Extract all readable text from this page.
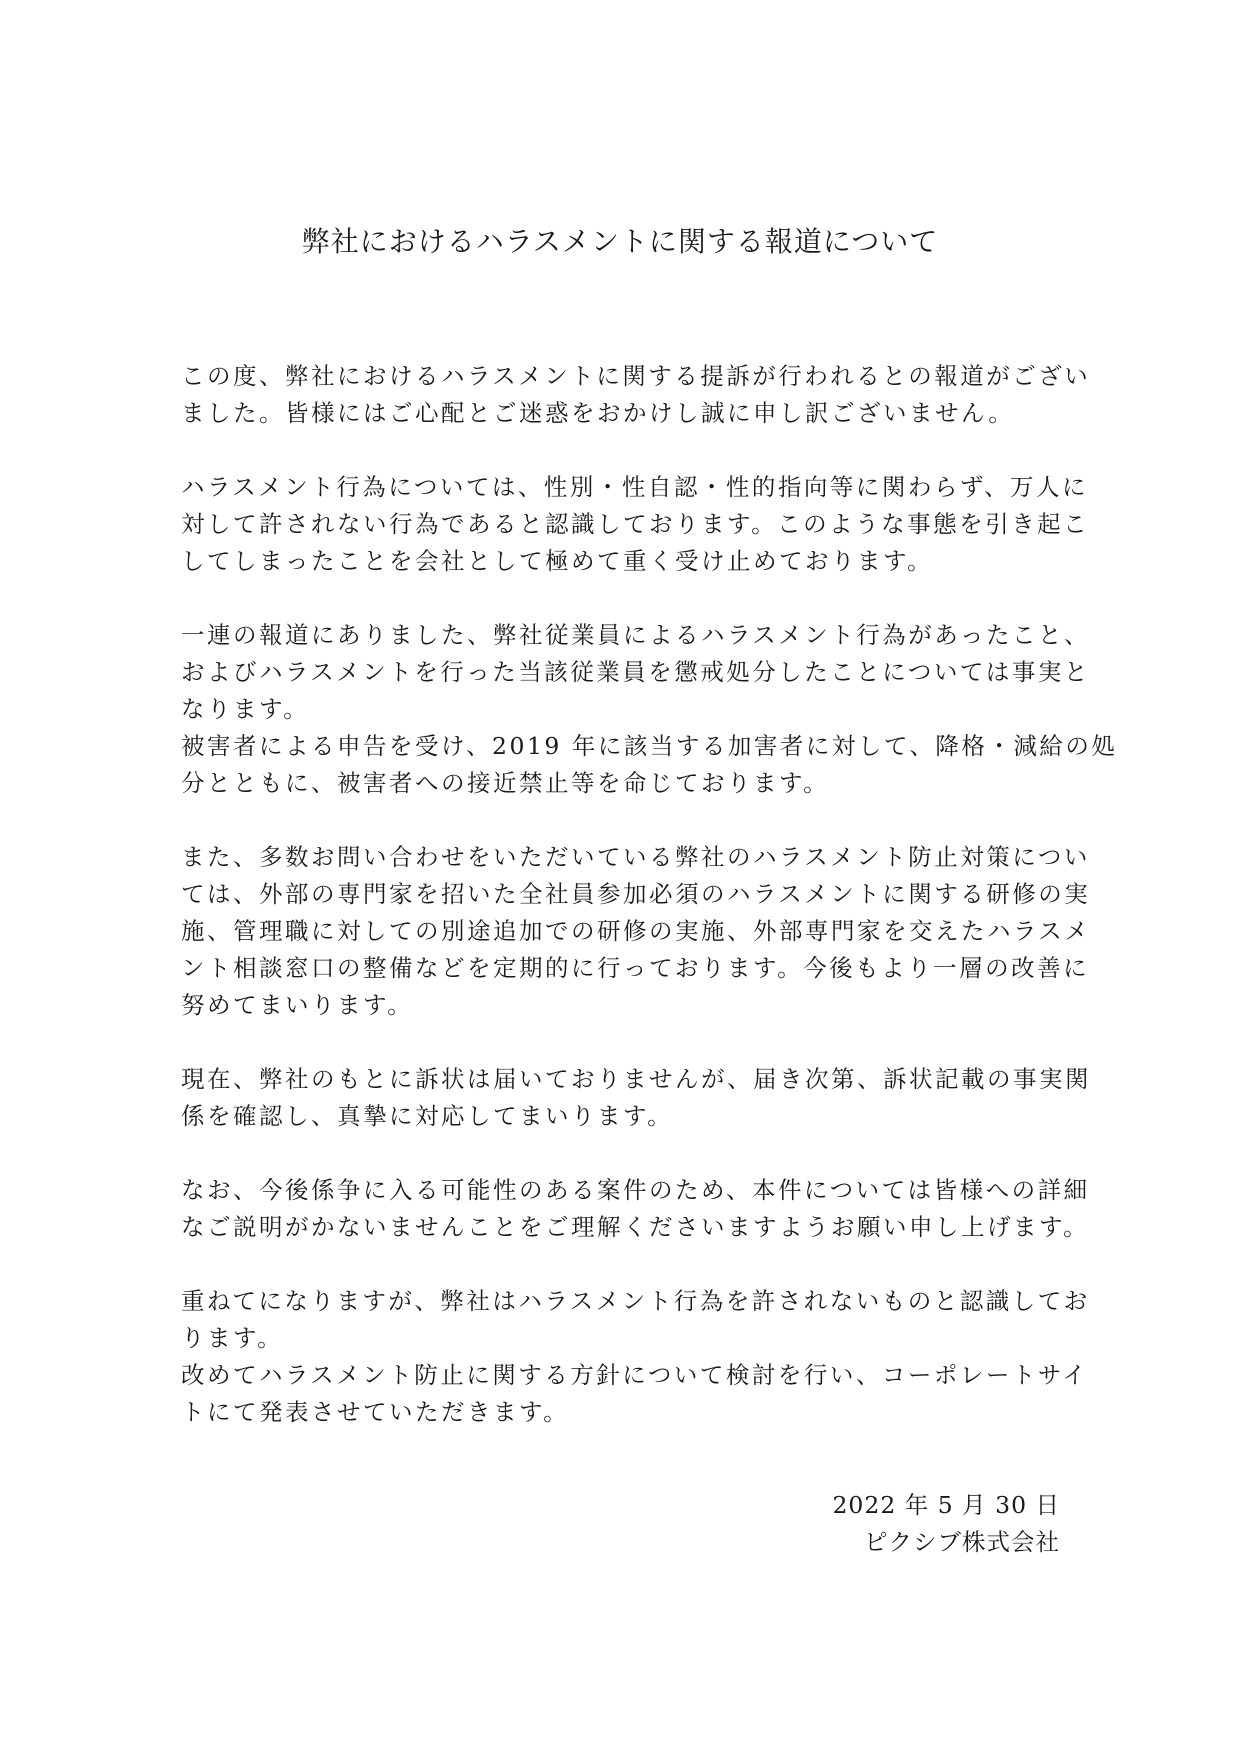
弊社におけるハラスメントに関する報道について
この度、弊社におけるハラスメントに関する提訴が行われるとの報道がござい
ました。皆様にはご心配とご迷惑をおかけし誠に申し訳ございません。
ハラスメント行為については、性別・性自認・性的指向等に関わらず、万人に
対して許されない行為であると認識しております。このような事態を引き起こ
してしまったことを会社として極めて重く受け止めております。
一連の報道にありました、弊社従業員によるハラスメント行為があったこと、
およびハラスメントを行った当該従業員を懲戒処分したことについては事実と
なります。
被害者による申告を受け、2019 年に該当する加害者に対して、降格・減給の処
分とともに、被害者への接近禁止等を命じております。
また、多数お問い合わせをいただいている弊社のハラスメント防止対策につい
ては、外部の専門家を招いた全社員参加必須のハラスメントに関する研修の実
施、管理職に対しての別途追加での研修の実施、外部専門家を交えたハラスメ
ント相談窓口の整備などを定期的に行っております。今後もより一層の改善に
努めてまいります。
現在、弊社のもとに訴状は届いておりませんが、届き次第、訴状記載の事実関
係を確認し、真摯に対応してまいります。
なお、今後係争に入る可能性のある案件のため、本件については皆様への詳細
なご説明がかないませんことをご理解くださいますようお願い申し上げます。
重ねてになりますが、弊社はハラスメント行為を許されないものと認識してお
ります。
改めてハラスメント防止に関する方針について検討を行い、コーポレートサイ
トにて発表させていただきます。
2022 年 5 月 30 日
ピクシブ株式会社
